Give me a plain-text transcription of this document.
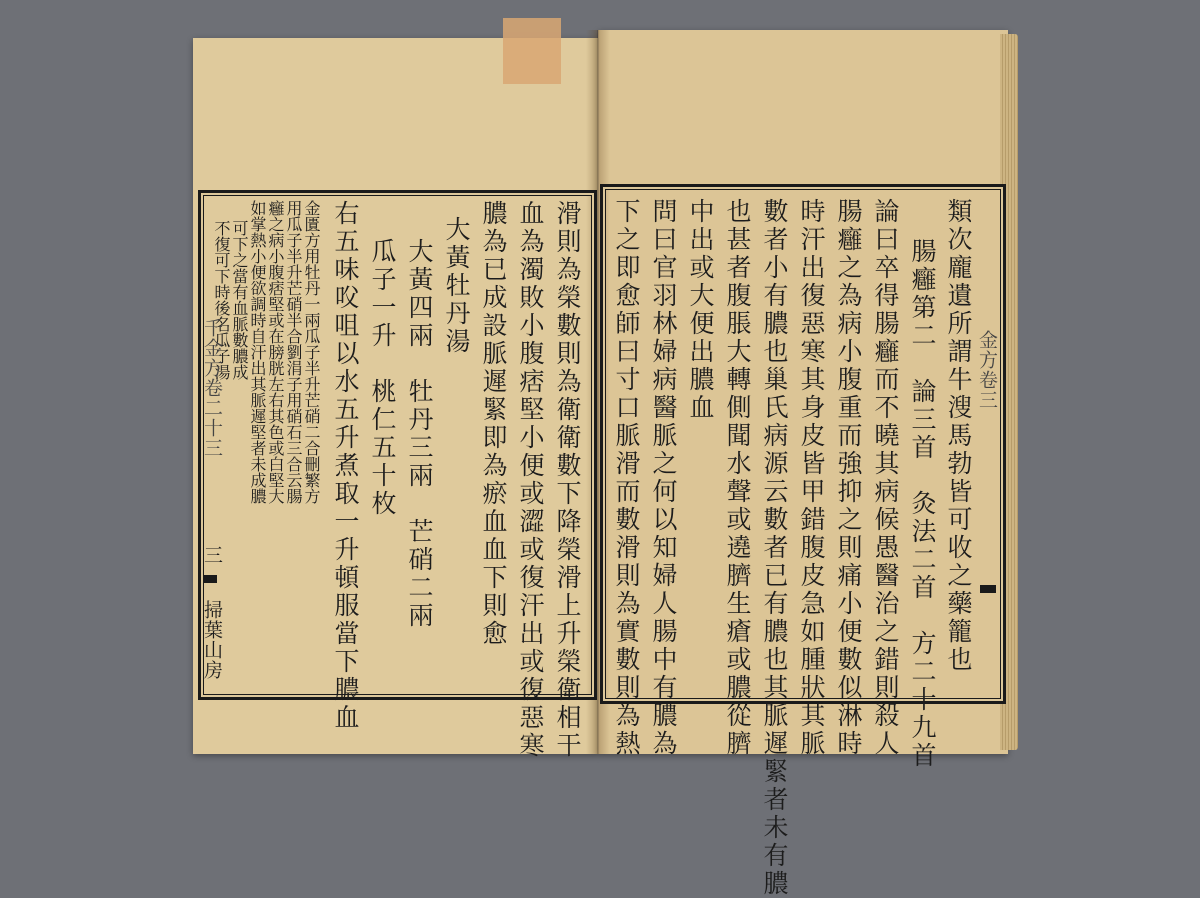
類次龐遺所謂牛溲馬勃皆可收之藥籠也
腸癰第二　論三首　灸法二首　方二十九首
論曰卒得腸癰而不曉其病候愚醫治之錯則殺人
腸癰之為病小腹重而強抑之則痛小便數似淋時
時汗出復惡寒其身皮皆甲錯腹皮急如腫狀其脈
數者小有膿也巢氏病源云數者已有膿也其脈遲緊者未有膿
也甚者腹脹大轉側聞水聲或遶臍生瘡或膿從臍
中出或大便出膿血
問曰官羽林婦病醫脈之何以知婦人腸中有膿為
下之即愈師曰寸口脈滑而數滑則為實數則為熱	金方卷三
滑則為榮數則為衛衛數下降榮滑上升榮衛相干
血為濁敗小腹痞堅小便或澀或復汗出或復惡寒
膿為已成設脈遲緊即為瘀血血下則愈
大黃牡丹湯
大黃四兩　牡丹三兩　芒硝二兩
瓜子一升　桃仁五十枚
右五味㕮咀以水五升煮取一升頓服當下膿血
金匱方用牡丹一兩瓜子半升芒硝二合刪繁方
用瓜子半升芒硝半合劉涓子用硝石三合云腸
癰之病小腹痞堅或在膀胱左右其色或白堅大
如掌熱小便欲調時自汗出其脈遲堅者未成膿
可下之當有血脈數膿成
不復可下時後名瓜子湯
千金方卷二十三
三
掃葉山房
